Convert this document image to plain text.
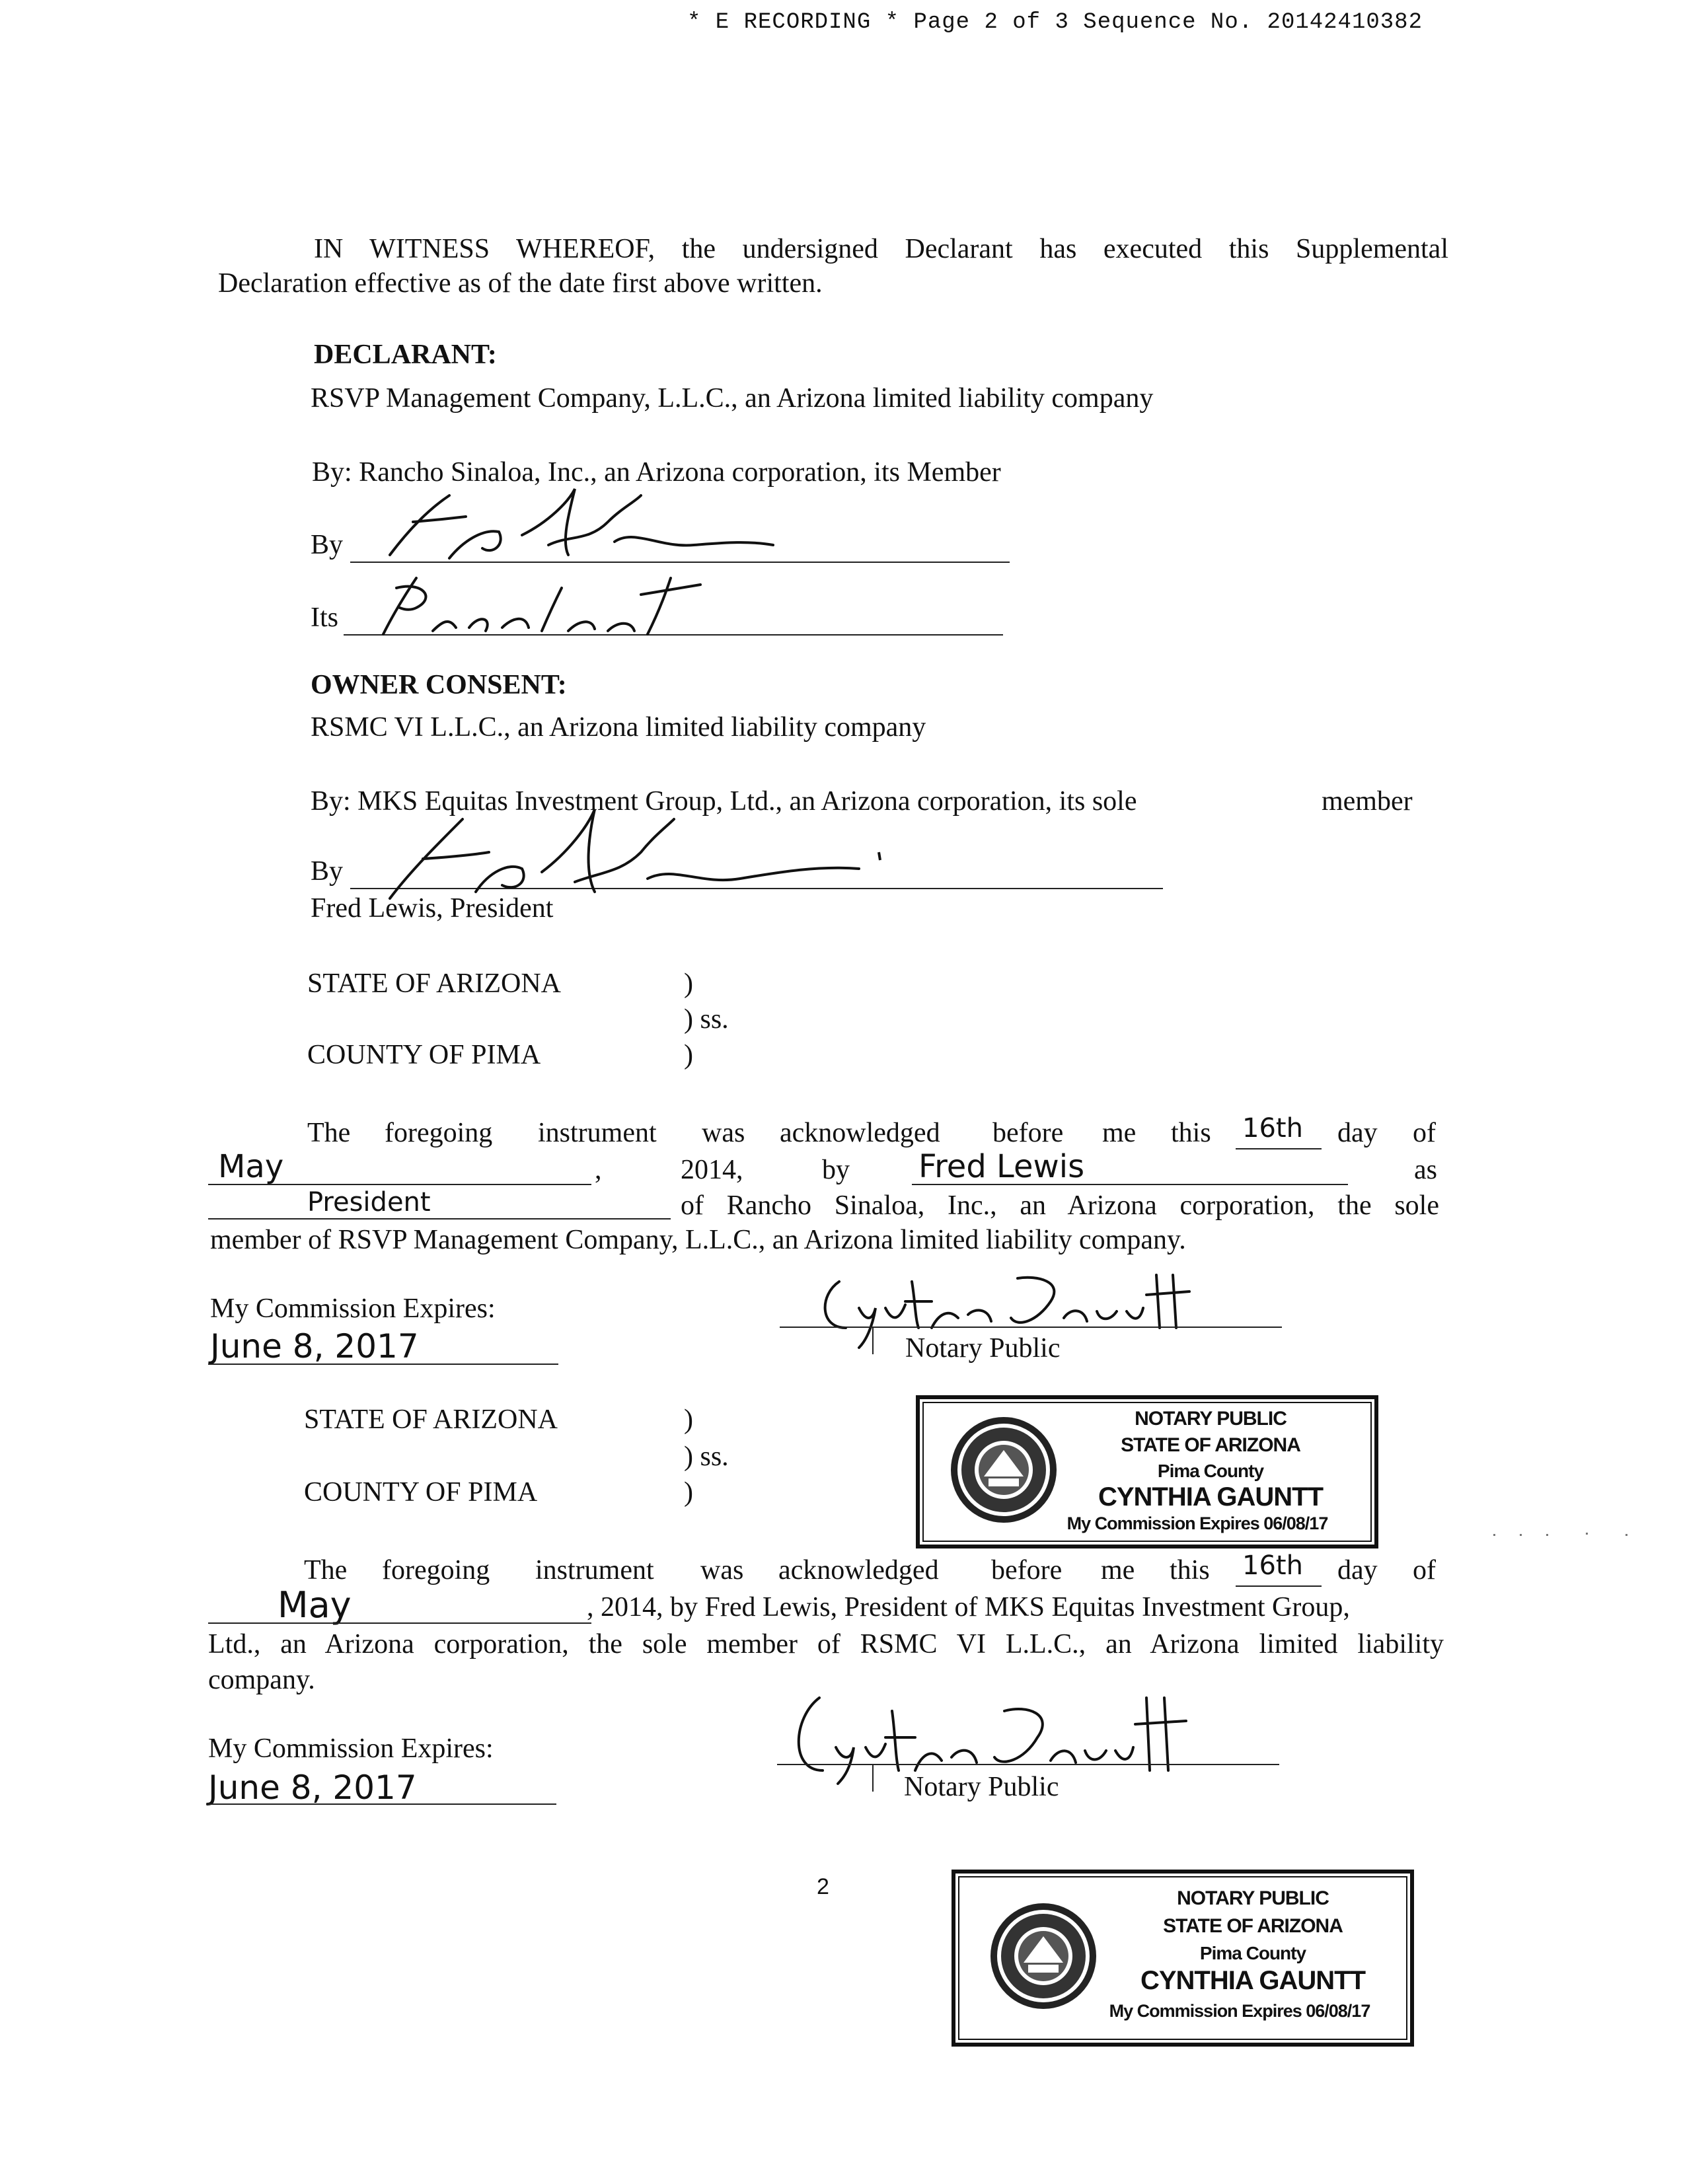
* E RECORDING * Page 2 of 3 Sequence No. 20142410382
IN WITNESS WHEREOF, the undersigned Declarant has executed this Supplemental
Declaration effective as of the date first above written.
DECLARANT:
RSVP Management Company, L.L.C., an Arizona limited liability company
By: Rancho Sinaloa, Inc., an Arizona corporation, its Member
By
Its
OWNER CONSENT:
RSMC VI L.L.C., an Arizona limited liability company
By: MKS Equitas Investment Group, Ltd., an Arizona corporation, its sole	member
By
Fred Lewis, President
STATE OF ARIZONA	)
) ss.
COUNTY OF PIMA	)
The foregoing instrument was acknowledged before me this 16th day of
May	,	2014,	by Fred Lewis	as
President	of Rancho Sinaloa, Inc., an Arizona corporation, the sole
member of RSVP Management Company, L.L.C., an Arizona limited liability company.
My Commission Expires:
June 8, 2017	Notary Public
NOTARY PUBLIC
STATE OF ARIZONA
Pima County
CYNTHIA GAUNTT
My Commission Expires 06/08/17
STATE OF ARIZONA	)
) ss.
COUNTY OF PIMA	)
The foregoing instrument was acknowledged before me this 16th day of
May	, 2014, by Fred Lewis, President of MKS Equitas Investment Group,
Ltd., an Arizona corporation, the sole member of RSMC VI L.L.C., an Arizona limited liability
company.
My Commission Expires:
June 8, 2017	Notary Public
2	NOTARY PUBLIC
STATE OF ARIZONA
Pima County
CYNTHIA GAUNTT
My Commission Expires 06/08/17
